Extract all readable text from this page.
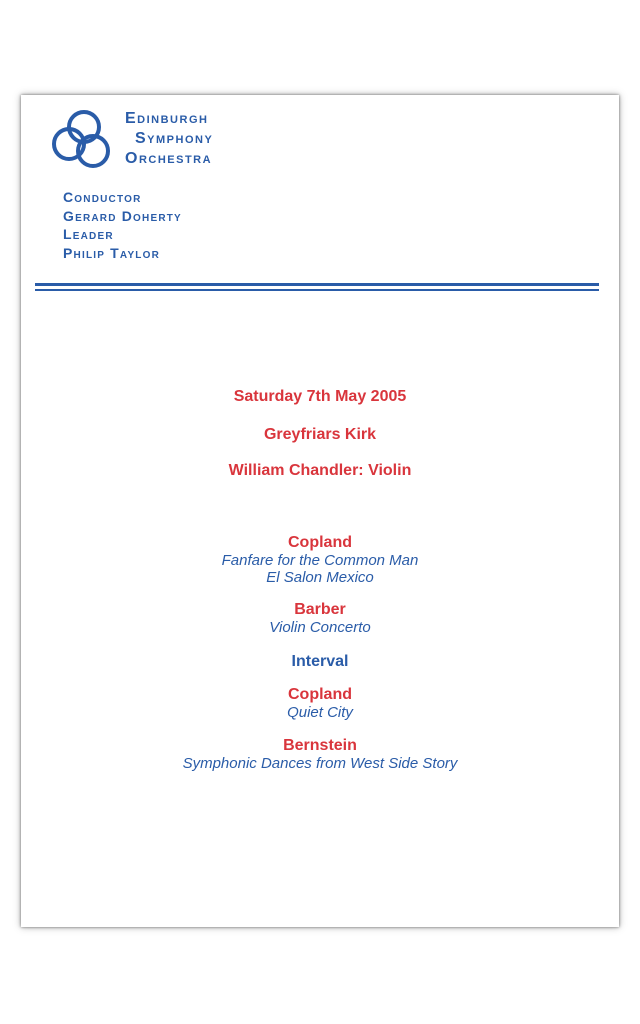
Edinburgh
Symphony
Orchestra
Conductor
Gerard Doherty
Leader
Philip Taylor
Saturday 7th May 2005
Greyfriars Kirk
William Chandler: Violin
Copland
Fanfare for the Common Man
El Salon Mexico
Barber
Violin Concerto
Interval
Copland
Quiet City
Bernstein
Symphonic Dances from West Side Story
